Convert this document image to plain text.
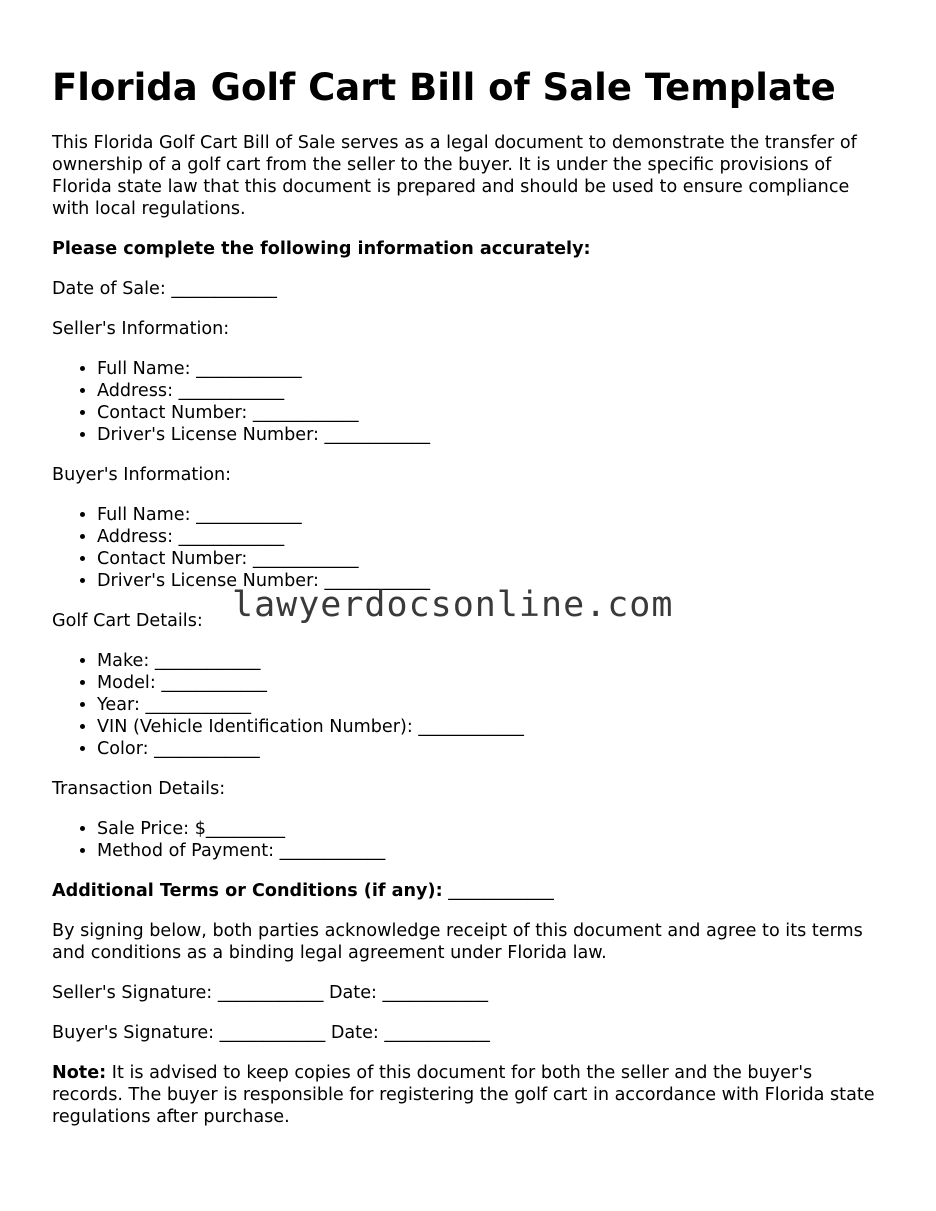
Florida Golf Cart Bill of Sale Template

This Florida Golf Cart Bill of Sale serves as a legal document to demonstrate the transfer of ownership of a golf cart from the seller to the buyer. It is under the specific provisions of Florida state law that this document is prepared and should be used to ensure compliance with local regulations.

Please complete the following information accurately:

Date of Sale: ____________

Seller's Information:

• Full Name: ____________
• Address: ____________
• Contact Number: ____________
• Driver's License Number: ____________

Buyer's Information:

• Full Name: ____________
• Address: ____________
• Contact Number: ____________
• Driver's License Number: ____________

Golf Cart Details:

• Make: ____________
• Model: ____________
• Year: ____________
• VIN (Vehicle Identification Number): ____________
• Color: ____________

Transaction Details:

• Sale Price: $_________
• Method of Payment: ____________

Additional Terms or Conditions (if any): ____________

By signing below, both parties acknowledge receipt of this document and agree to its terms and conditions as a binding legal agreement under Florida law.

Seller's Signature: ____________ Date: ____________

Buyer's Signature: ____________ Date: ____________

Note: It is advised to keep copies of this document for both the seller and the buyer's records. The buyer is responsible for registering the golf cart in accordance with Florida state regulations after purchase.

lawyerdocsonline.com
